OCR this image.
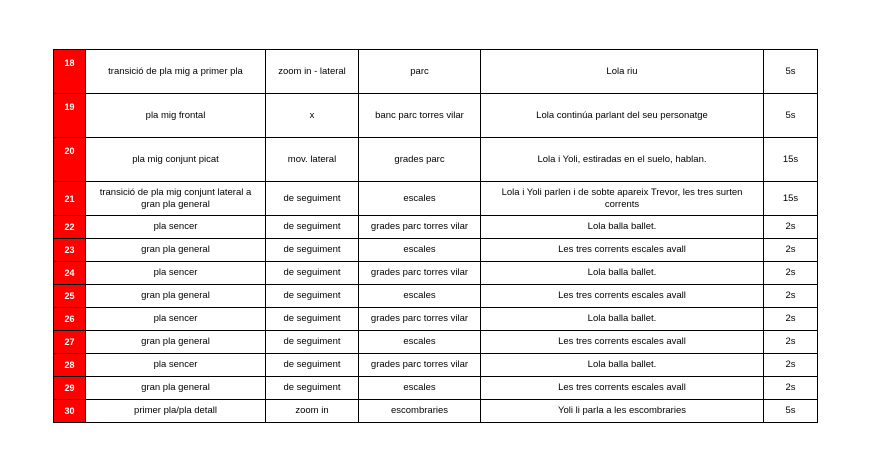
18	transició de pla mig a primer pla	zoom in - lateral	parc	Lola riu	5s
19	pla mig frontal	x	banc parc torres vilar	Lola continúa parlant del seu personatge	5s
20	pla mig conjunt picat	mov. lateral	grades parc	Lola i Yoli, estiradas en el suelo, hablan.	15s
21	transició de pla mig conjunt lateral a gran pla general	de seguiment	escales	Lola i Yoli parlen i de sobte apareix Trevor, les tres surten corrents	15s
22	pla sencer	de seguiment	grades parc torres vilar	Lola balla ballet.	2s
23	gran pla general	de seguiment	escales	Les tres corrents escales avall	2s
24	pla sencer	de seguiment	grades parc torres vilar	Lola balla ballet.	2s
25	gran pla general	de seguiment	escales	Les tres corrents escales avall	2s
26	pla sencer	de seguiment	grades parc torres vilar	Lola balla ballet.	2s
27	gran pla general	de seguiment	escales	Les tres corrents escales avall	2s
28	pla sencer	de seguiment	grades parc torres vilar	Lola balla ballet.	2s
29	gran pla general	de seguiment	escales	Les tres corrents escales avall	2s
30	primer pla/pla detall	zoom in	escombraries	Yoli li parla a les escombraries	5s
